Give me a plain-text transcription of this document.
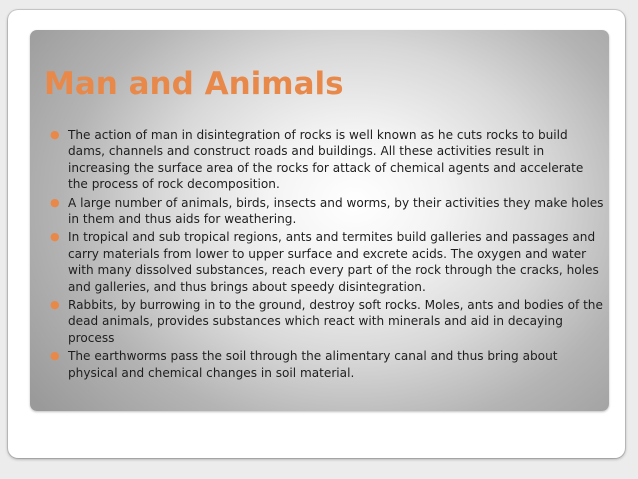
Man and Animals
● The action of man in disintegration of rocks is well known as he cuts rocks to build dams, channels and construct roads and buildings. All these activities result in increasing the surface area of the rocks for attack of chemical agents and accelerate the process of rock decomposition.
● A large number of animals, birds, insects and worms, by their activities they make holes in them and thus aids for weathering.
● In tropical and sub tropical regions, ants and termites build galleries and passages and carry materials from lower to upper surface and excrete acids. The oxygen and water with many dissolved substances, reach every part of the rock through the cracks, holes and galleries, and thus brings about speedy disintegration.
● Rabbits, by burrowing in to the ground, destroy soft rocks. Moles, ants and bodies of the dead animals, provides substances which react with minerals and aid in decaying process
● The earthworms pass the soil through the alimentary canal and thus bring about physical and chemical changes in soil material.
